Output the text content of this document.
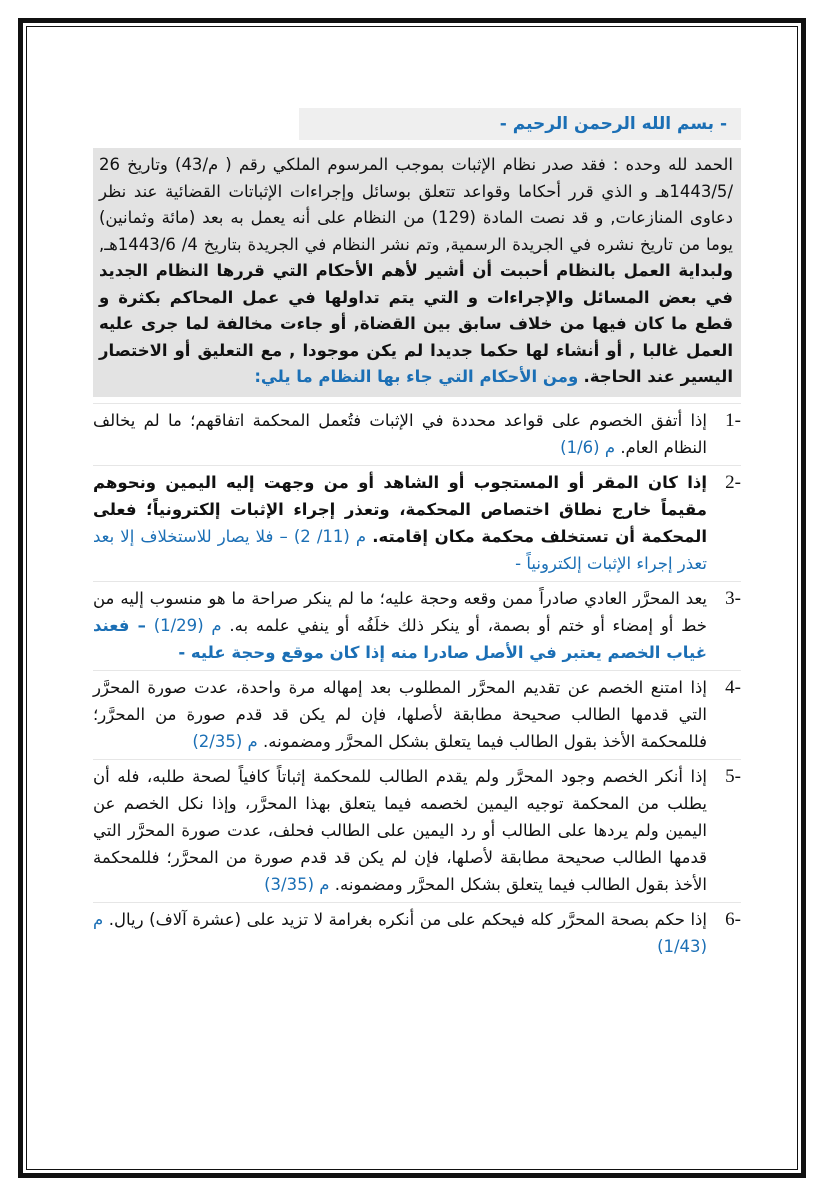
- بسم الله الرحمن الرحيم -
الحمد لله وحده : فقد صدر نظام الإثبات بموجب المرسوم الملكي رقم ( م/43) وتاريخ 26 /1443/5هـ و الذي قرر أحكاما وقواعد تتعلق بوسائل وإجراءات الإثباتات القضائية عند نظر دعاوى المنازعات, و قد نصت المادة (129) من النظام على أنه يعمل به بعد (مائة وثمانين) يوما من تاريخ نشره في الجريدة الرسمية, وتم نشر النظام في الجريدة بتاريخ 4/ 1443/6هـ, ولبداية العمل بالنظام أحببت أن أشير لأهم الأحكام التي قررها النظام الجديد في بعض المسائل والإجراءات و التي يتم تداولها في عمل المحاكم بكثرة و قطع ما كان فيها من خلاف سابق بين القضاة, أو جاءت مخالفة لما جرى عليه العمل غالبا , أو أنشاء لها حكما جديدا لم يكن موجودا , مع التعليق أو الاختصار اليسير عند الحاجة. ومن الأحكام التي جاء بها النظام ما يلي:
1-
إذا أتفق الخصوم على قواعد محددة في الإثبات فتُعمل المحكمة اتفاقهم؛ ما لم يخالف النظام العام. م (1/6)
2-
إذا كان المقر أو المستجوب أو الشاهد أو من وجهت إليه اليمين ونحوهم مقيماً خارج نطاق اختصاص المحكمة، وتعذر إجراء الإثبات إلكترونياً؛ فعلى المحكمة أن تستخلف محكمة مكان إقامته. م (11/ 2) – فلا يصار للاستخلاف إلا بعد تعذر إجراء الإثبات إلكترونياً -
3-
يعد المحرَّر العادي صادراً ممن وقعه وحجة عليه؛ ما لم ينكر صراحة ما هو منسوب إليه من خط أو إمضاء أو ختم أو بصمة، أو ينكر ذلك خلَفُه أو ينفي علمه به. م (1/29) – فعند غياب الخصم يعتبر في الأصل صادرا منه إذا كان موقع وحجة عليه -
4-
إذا امتنع الخصم عن تقديم المحرَّر المطلوب بعد إمهاله مرة واحدة، عدت صورة المحرَّر التي قدمها الطالب صحيحة مطابقة لأصلها، فإن لم يكن قد قدم صورة من المحرَّر؛ فللمحكمة الأخذ بقول الطالب فيما يتعلق بشكل المحرَّر ومضمونه. م (2/35)
5-
إذا أنكر الخصم وجود المحرَّر ولم يقدم الطالب للمحكمة إثباتاً كافياً لصحة طلبه، فله أن يطلب من المحكمة توجيه اليمين لخصمه فيما يتعلق بهذا المحرَّر، وإذا نكل الخصم عن اليمين ولم يردها على الطالب أو رد اليمين على الطالب فحلف، عدت صورة المحرَّر التي قدمها الطالب صحيحة مطابقة لأصلها، فإن لم يكن قد قدم صورة من المحرَّر؛ فللمحكمة الأخذ بقول الطالب فيما يتعلق بشكل المحرَّر ومضمونه. م (3/35)
6-
إذا حكم بصحة المحرَّر كله فيحكم على من أنكره بغرامة لا تزيد على (عشرة آلاف) ريال. م (1/43)
